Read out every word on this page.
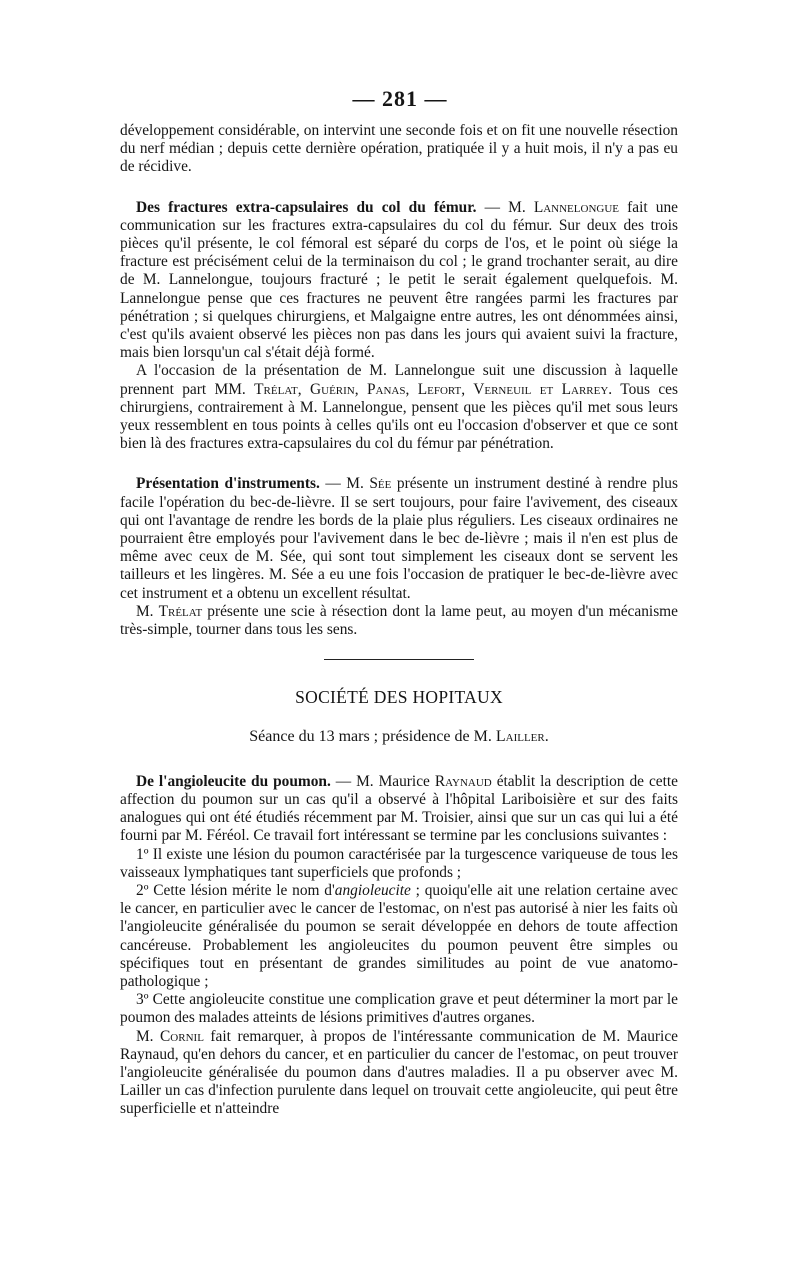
— 281 —

développement considérable, on intervint une seconde fois et on fit une nouvelle résection du nerf médian ; depuis cette dernière opération, pratiquée il y a huit mois, il n'y a pas eu de récidive.

Des fractures extra-capsulaires du col du fémur. — M. Lannelongue fait une communication sur les fractures extra-capsulaires du col du fémur. Sur deux des trois pièces qu'il présente, le col fémoral est séparé du corps de l'os, et le point où siége la fracture est précisément celui de la terminaison du col ; le grand trochanter serait, au dire de M. Lannelongue, toujours fracturé ; le petit le serait également quelquefois. M. Lannelongue pense que ces fractures ne peuvent être rangées parmi les fractures par pénétration ; si quelques chirurgiens, et Malgaigne entre autres, les ont dénommées ainsi, c'est qu'ils avaient observé les pièces non pas dans les jours qui avaient suivi la fracture, mais bien lorsqu'un cal s'était déjà formé.

A l'occasion de la présentation de M. Lannelongue suit une discussion à laquelle prennent part MM. Trélat, Guérin, Panas, Lefort, Verneuil et Larrey. Tous ces chirurgiens, contrairement à M. Lannelongue, pensent que les pièces qu'il met sous leurs yeux ressemblent en tous points à celles qu'ils ont eu l'occasion d'observer et que ce sont bien là des fractures extra-capsulaires du col du fémur par pénétration.

Présentation d'instruments. — M. Sée présente un instrument destiné à rendre plus facile l'opération du bec-de-lièvre. Il se sert toujours, pour faire l'avivement, des ciseaux qui ont l'avantage de rendre les bords de la plaie plus réguliers. Les ciseaux ordinaires ne pourraient être employés pour l'avivement dans le bec de-lièvre ; mais il n'en est plus de même avec ceux de M. Sée, qui sont tout simplement les ciseaux dont se servent les tailleurs et les lingères. M. Sée a eu une fois l'occasion de pratiquer le bec-de-lièvre avec cet instrument et a obtenu un excellent résultat.

M. Trélat présente une scie à résection dont la lame peut, au moyen d'un mécanisme très-simple, tourner dans tous les sens.

SOCIÉTÉ DES HOPITAUX
Séance du 13 mars ; présidence de M. Lailler.

De l'angioleucite du poumon. — M. Maurice Raynaud établit la description de cette affection du poumon sur un cas qu'il a observé à l'hôpital Lariboisière et sur des faits analogues qui ont été étudiés récemment par M. Troisier, ainsi que sur un cas qui lui a été fourni par M. Féréol. Ce travail fort intéressant se termine par les conclusions suivantes :

1º Il existe une lésion du poumon caractérisée par la turgescence variqueuse de tous les vaisseaux lymphatiques tant superficiels que profonds ;

2º Cette lésion mérite le nom d'angioleucite ; quoiqu'elle ait une relation certaine avec le cancer, en particulier avec le cancer de l'estomac, on n'est pas autorisé à nier les faits où l'angioleucite généralisée du poumon se serait développée en dehors de toute affection cancéreuse. Probablement les angioleucites du poumon peuvent être simples ou spécifiques tout en présentant de grandes similitudes au point de vue anatomo-pathologique ;

3º Cette angioleucite constitue une complication grave et peut déterminer la mort par le poumon des malades atteints de lésions primitives d'autres organes.

M. Cornil fait remarquer, à propos de l'intéressante communication de M. Maurice Raynaud, qu'en dehors du cancer, et en particulier du cancer de l'estomac, on peut trouver l'angioleucite généralisée du poumon dans d'autres maladies. Il a pu observer avec M. Lailler un cas d'infection purulente dans lequel on trouvait cette angioleucite, qui peut être superficielle et n'atteindre
